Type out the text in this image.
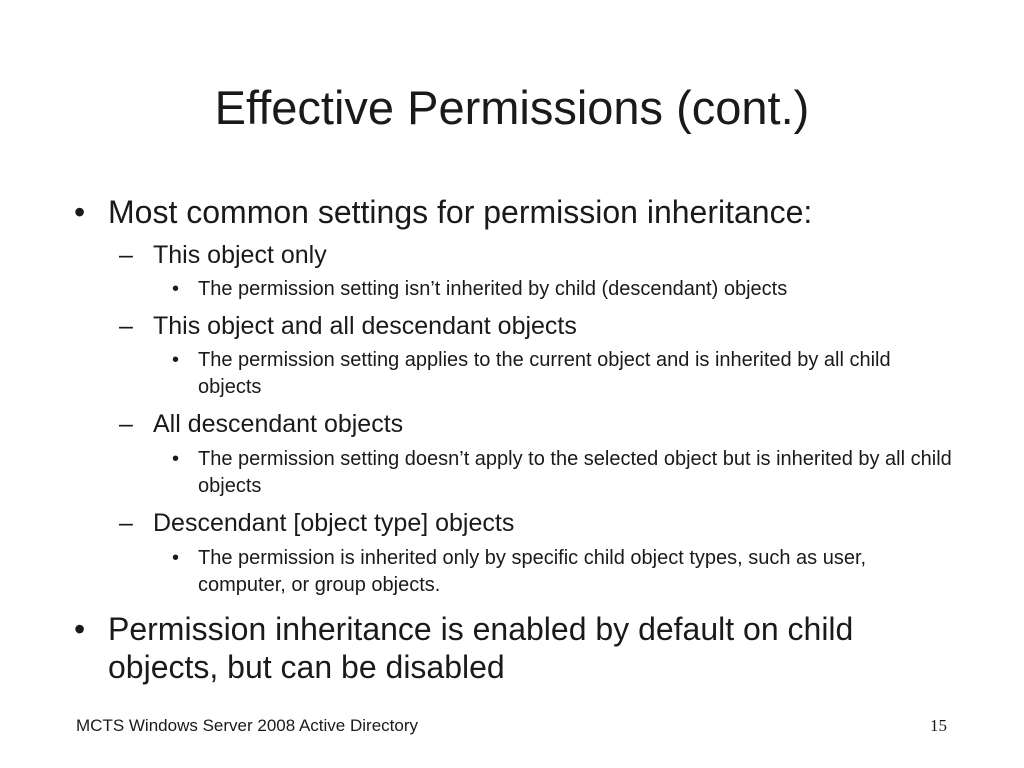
Effective Permissions (cont.)
• Most common settings for permission inheritance:
– This object only
• The permission setting isn’t inherited by child (descendant) objects
– This object and all descendant objects
• The permission setting applies to the current object and is inherited by all child objects
– All descendant objects
• The permission setting doesn’t apply to the selected object but is inherited by all child objects
– Descendant [object type] objects
• The permission is inherited only by specific child object types, such as user, computer, or group objects.
• Permission inheritance is enabled by default on child objects, but can be disabled
MCTS Windows Server 2008 Active Directory	15
